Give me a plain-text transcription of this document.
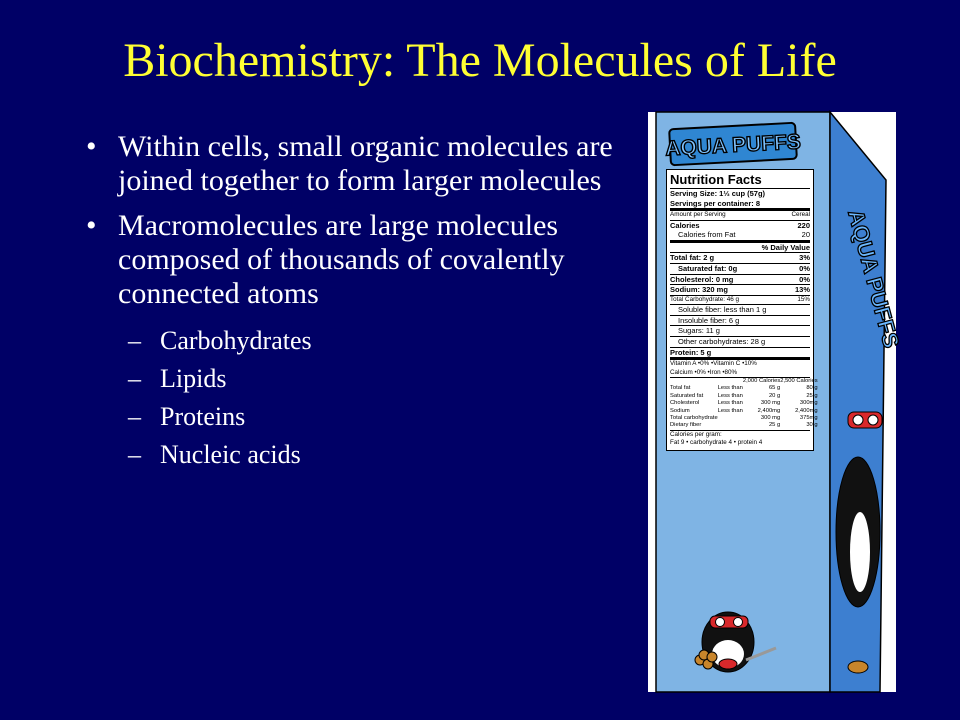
Biochemistry: The Molecules of Life
• Within cells, small organic molecules are joined together to form larger molecules
• Macromolecules are large molecules composed of thousands of covalently connected atoms
– Carbohydrates
– Lipids
– Proteins
– Nucleic acids
AQUA PUFFS
AQUA PUFFS
Nutrition Facts
Serving Size: 1⅓ cup (57g)
Servings per container: 8
Amount per Serving	Cereal
Calories	220
Calories from Fat	20
% Daily Value
Total fat: 2 g	3%
Saturated fat: 0g	0%
Cholesterol: 0 mg	0%
Sodium: 320 mg	13%
Total Carbohydrate: 46 g	15%
Soluble fiber: less than 1 g
Insoluble fiber: 6 g
Sugars: 11 g
Other carbohydrates: 28 g
Protein: 5 g
Vitamin A •0% •Vitamin C •10%
Calcium •0% •Iron •80%
		2,000 Calories	2,500 Calories
Total fat	Less than	65 g	80 g
Saturated fat	Less than	20 g	25 g
Cholesterol	Less than	300 mg	300mg
Sodium	Less than	2,400mg	2,400mg
Total carbohydrate		300 mg	375mg
Dietary fiber		25 g	30 g
Calories per gram:
Fat 9 • carbohydrate 4 • protein 4
